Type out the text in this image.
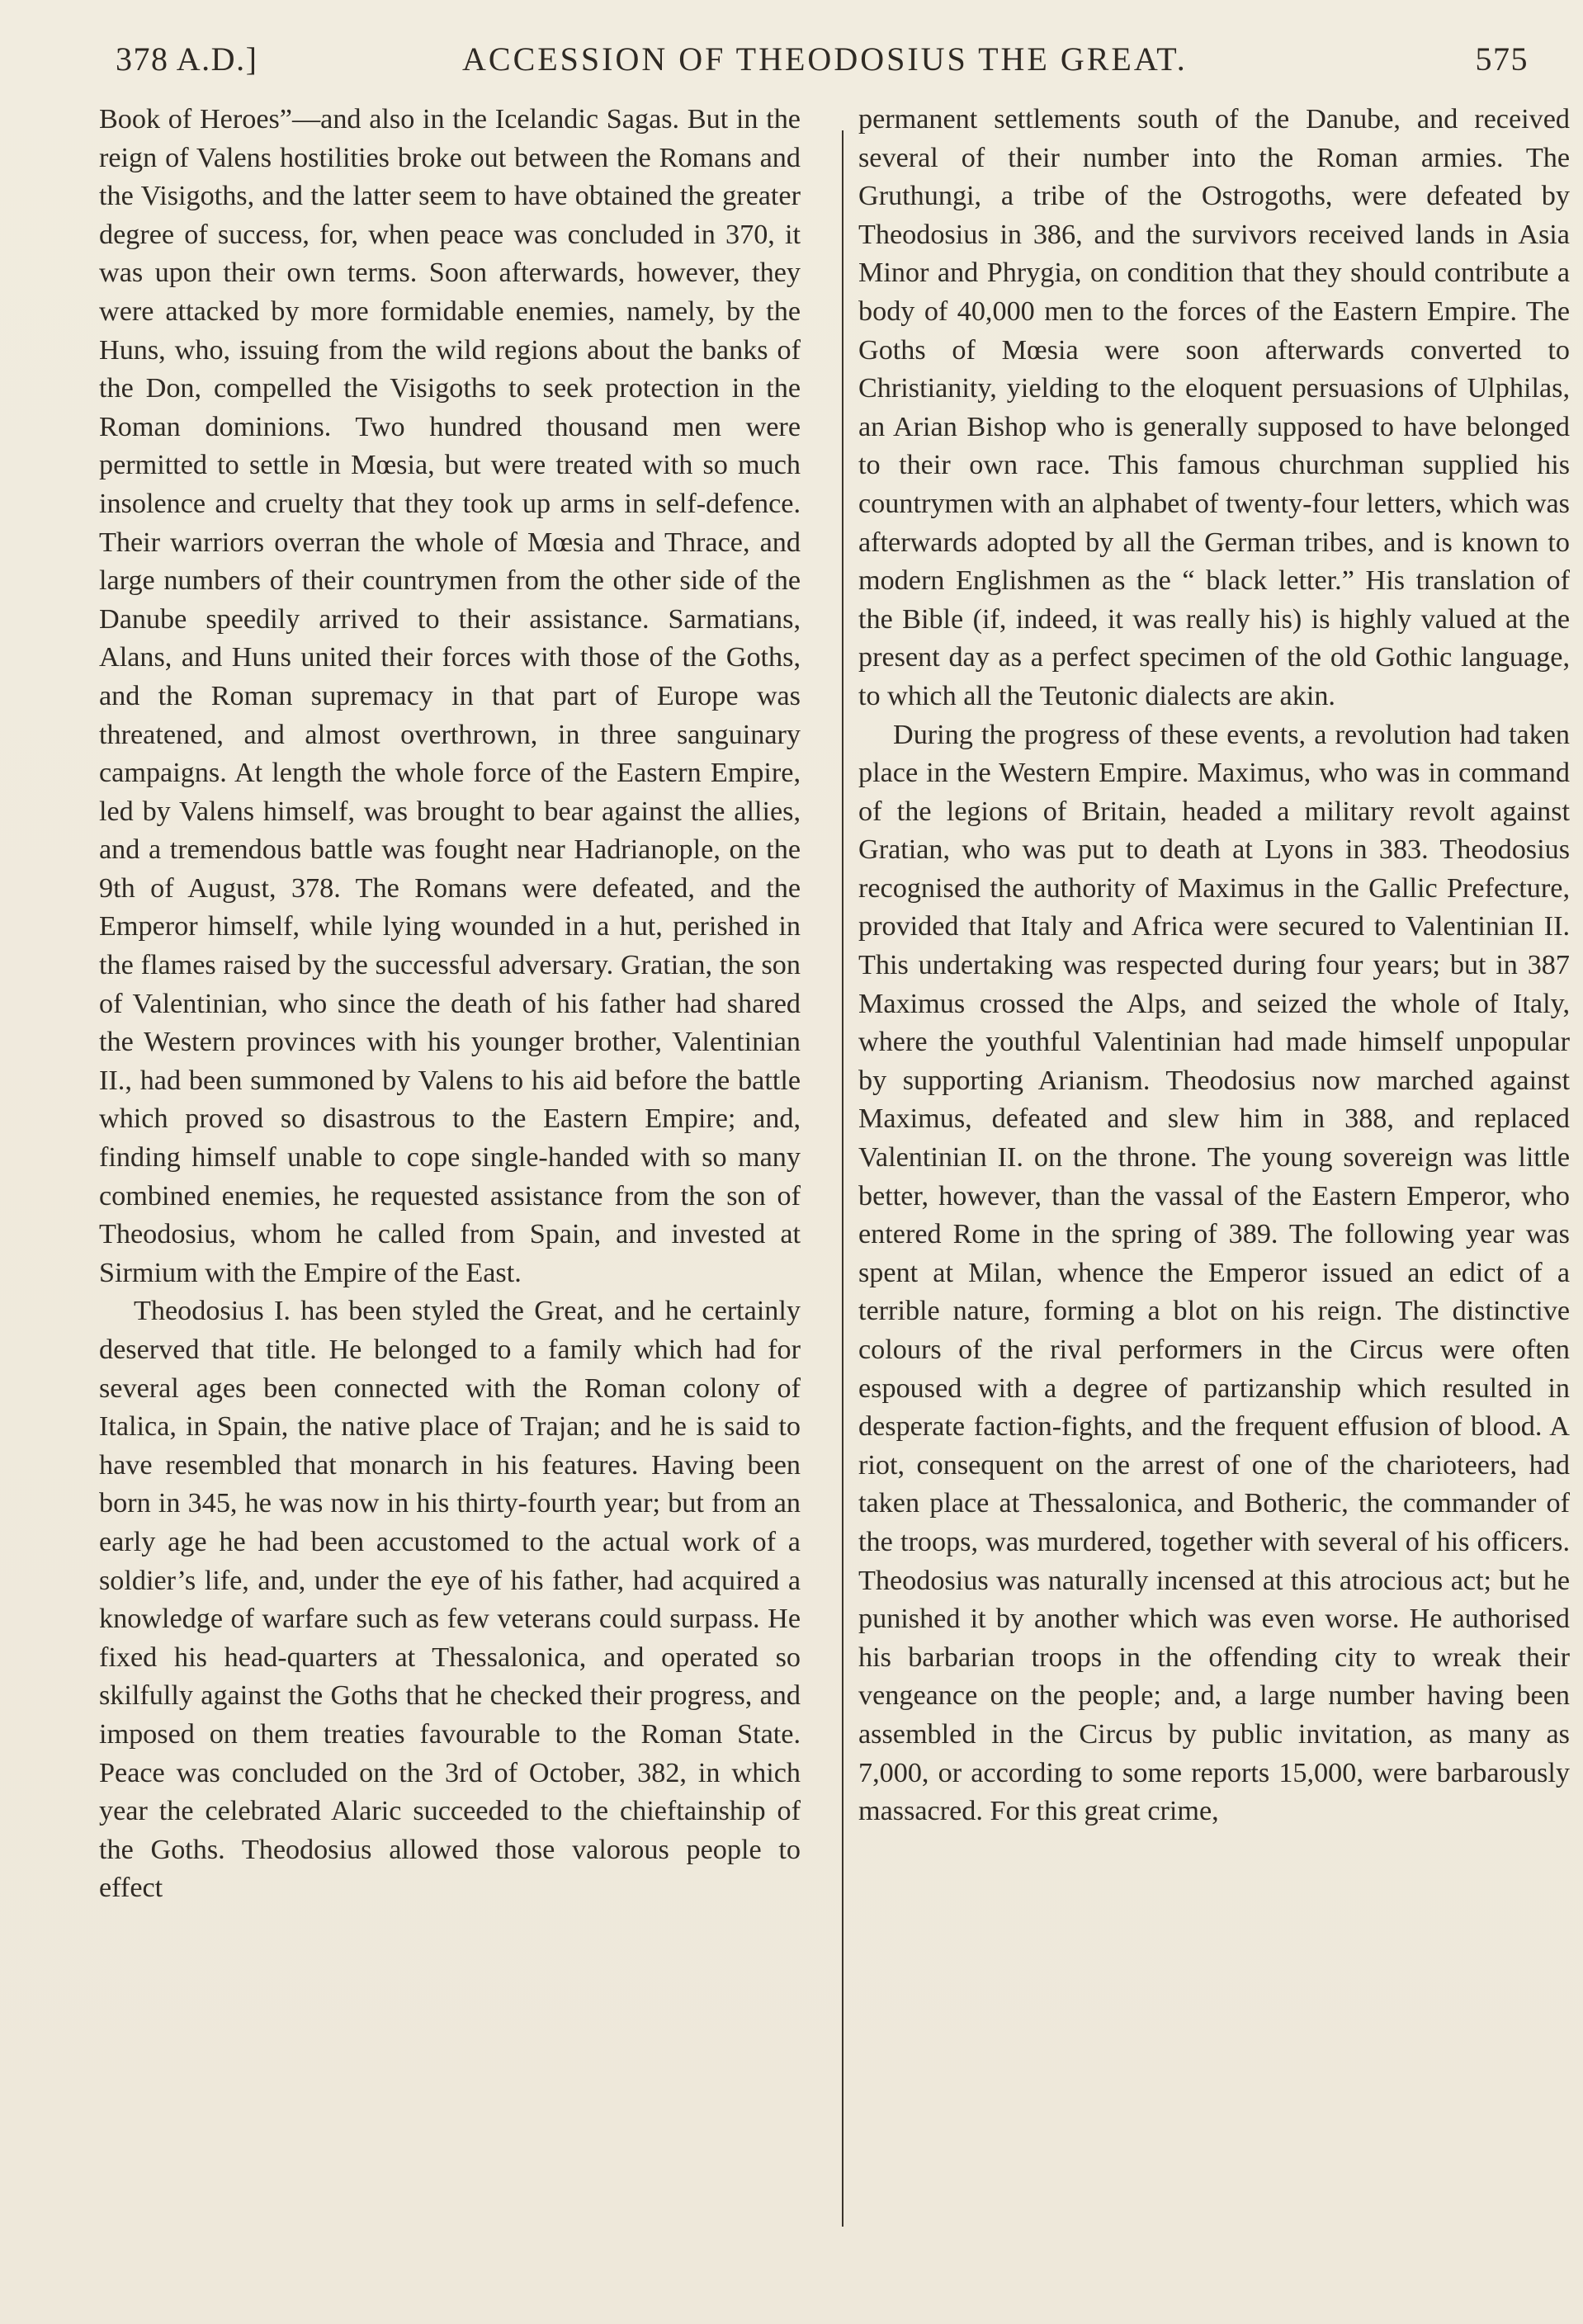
378 A.D.]	ACCESSION OF THEODOSIUS THE GREAT.	575

Book of Heroes”—and also in the Icelandic Sagas. But in the reign of Valens hostilities broke out between the Romans and the Visigoths, and the latter seem to have obtained the greater degree of success, for, when peace was concluded in 370, it was upon their own terms. Soon afterwards, however, they were attacked by more formidable enemies, namely, by the Huns, who, issuing from the wild regions about the banks of the Don, compelled the Visigoths to seek protection in the Roman dominions. Two hundred thousand men were permitted to settle in Mœsia, but were treated with so much insolence and cruelty that they took up arms in self-defence. Their warriors overran the whole of Mœsia and Thrace, and large numbers of their countrymen from the other side of the Danube speedily arrived to their assistance. Sarmatians, Alans, and Huns united their forces with those of the Goths, and the Roman supremacy in that part of Europe was threatened, and almost overthrown, in three sanguinary campaigns. At length the whole force of the Eastern Empire, led by Valens himself, was brought to bear against the allies, and a tremendous battle was fought near Hadrianople, on the 9th of August, 378. The Romans were defeated, and the Emperor himself, while lying wounded in a hut, perished in the flames raised by the successful adversary. Gratian, the son of Valentinian, who since the death of his father had shared the Western provinces with his younger brother, Valentinian II., had been summoned by Valens to his aid before the battle which proved so disastrous to the Eastern Empire; and, finding himself unable to cope single-handed with so many combined enemies, he requested assistance from the son of Theodosius, whom he called from Spain, and invested at Sirmium with the Empire of the East.

Theodosius I. has been styled the Great, and he certainly deserved that title. He belonged to a family which had for several ages been connected with the Roman colony of Italica, in Spain, the native place of Trajan; and he is said to have resembled that monarch in his features. Having been born in 345, he was now in his thirty-fourth year; but from an early age he had been accustomed to the actual work of a soldier’s life, and, under the eye of his father, had acquired a knowledge of warfare such as few veterans could surpass. He fixed his head-quarters at Thessalonica, and operated so skilfully against the Goths that he checked their progress, and imposed on them treaties favourable to the Roman State. Peace was concluded on the 3rd of October, 382, in which year the celebrated Alaric succeeded to the chieftainship of the Goths. Theodosius allowed those valorous people to effect

permanent settlements south of the Danube, and received several of their number into the Roman armies. The Gruthungi, a tribe of the Ostrogoths, were defeated by Theodosius in 386, and the survivors received lands in Asia Minor and Phrygia, on condition that they should contribute a body of 40,000 men to the forces of the Eastern Empire. The Goths of Mœsia were soon afterwards converted to Christianity, yielding to the eloquent persuasions of Ulphilas, an Arian Bishop who is generally supposed to have belonged to their own race. This famous churchman supplied his countrymen with an alphabet of twenty-four letters, which was afterwards adopted by all the German tribes, and is known to modern Englishmen as the “ black letter.” His translation of the Bible (if, indeed, it was really his) is highly valued at the present day as a perfect specimen of the old Gothic language, to which all the Teutonic dialects are akin.

During the progress of these events, a revolution had taken place in the Western Empire. Maximus, who was in command of the legions of Britain, headed a military revolt against Gratian, who was put to death at Lyons in 383. Theodosius recognised the authority of Maximus in the Gallic Prefecture, provided that Italy and Africa were secured to Valentinian II. This undertaking was respected during four years; but in 387 Maximus crossed the Alps, and seized the whole of Italy, where the youthful Valentinian had made himself unpopular by supporting Arianism. Theodosius now marched against Maximus, defeated and slew him in 388, and replaced Valentinian II. on the throne. The young sovereign was little better, however, than the vassal of the Eastern Emperor, who entered Rome in the spring of 389. The following year was spent at Milan, whence the Emperor issued an edict of a terrible nature, forming a blot on his reign. The distinctive colours of the rival performers in the Circus were often espoused with a degree of partizanship which resulted in desperate faction-fights, and the frequent effusion of blood. A riot, consequent on the arrest of one of the charioteers, had taken place at Thessalonica, and Botheric, the commander of the troops, was murdered, together with several of his officers. Theodosius was naturally incensed at this atrocious act; but he punished it by another which was even worse. He authorised his barbarian troops in the offending city to wreak their vengeance on the people; and, a large number having been assembled in the Circus by public invitation, as many as 7,000, or according to some reports 15,000, were barbarously massacred. For this great crime,
